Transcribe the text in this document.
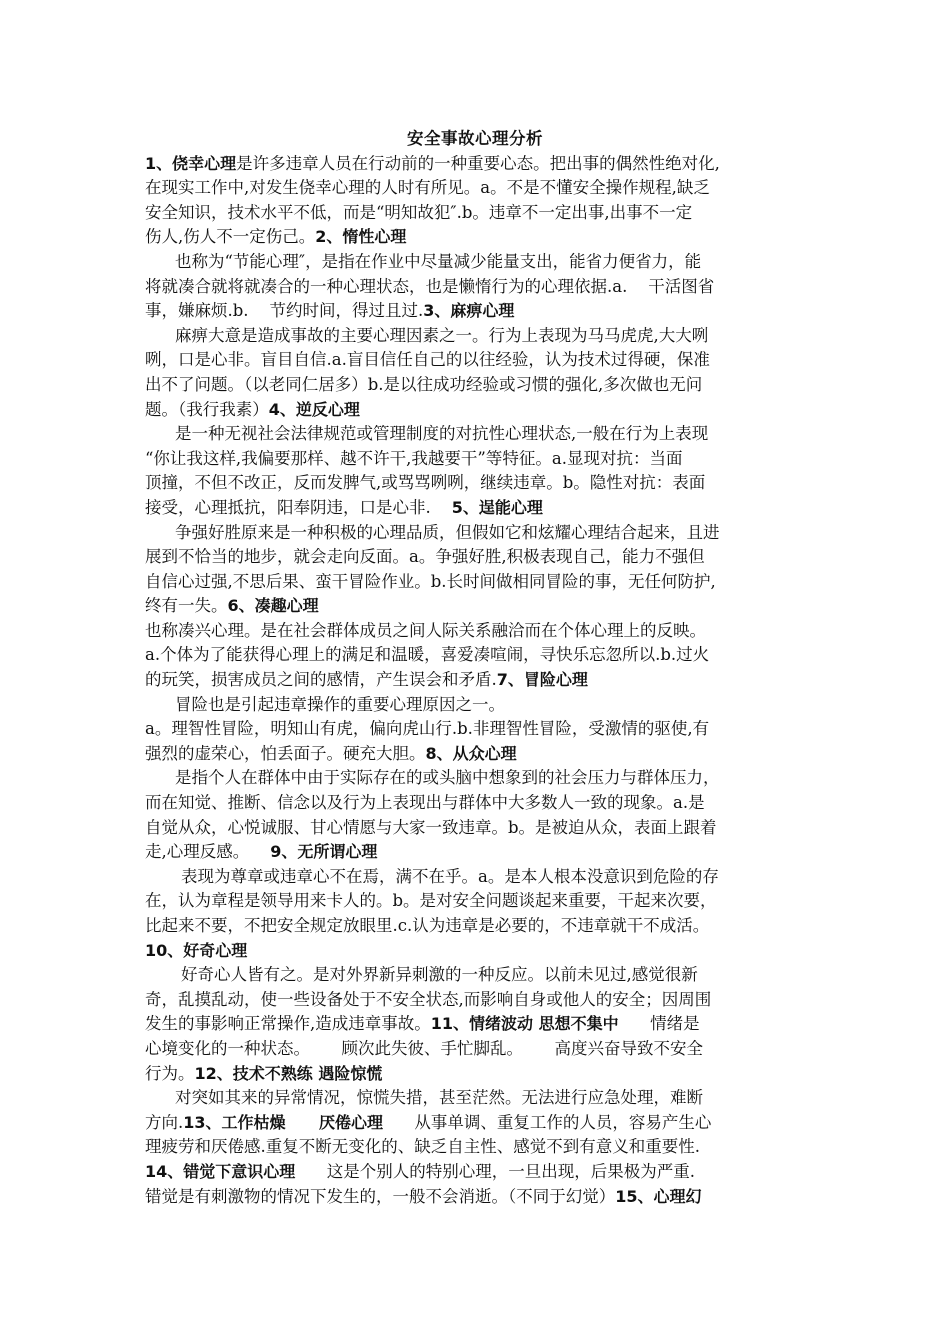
安全事故心理分析
1、侥幸心理是许多违章人员在行动前的一种重要心态。把出事的偶然性绝对化,
在现实工作中,对发生侥幸心理的人时有所见。a。不是不懂安全操作规程,缺乏
安全知识，技术水平不低，而是“明知故犯″.b。违章不一定出事,出事不一定
伤人,伤人不一定伤己。2、惰性心理
也称为“节能心理″，是指在作业中尽量减少能量支出，能省力便省力，能
将就凑合就将就凑合的一种心理状态，也是懒惰行为的心理依据.a.    干活图省
事，嫌麻烦.b.    节约时间，得过且过.3、麻痹心理
麻痹大意是造成事故的主要心理因素之一。行为上表现为马马虎虎,大大咧
咧，口是心非。盲目自信.a.盲目信任自己的以往经验，认为技术过得硬，保准
出不了问题。（以老同仁居多）b.是以往成功经验或习惯的强化,多次做也无问
题。（我行我素）4、逆反心理
是一种无视社会法律规范或管理制度的对抗性心理状态,一般在行为上表现
“你让我这样,我偏要那样、越不许干,我越要干”等特征。a.显现对抗：当面
顶撞，不但不改正，反而发脾气,或骂骂咧咧，继续违章。b。隐性对抗：表面
接受，心理抵抗，阳奉阴违，口是心非.    5、逞能心理
争强好胜原来是一种积极的心理品质，但假如它和炫耀心理结合起来，且进
展到不恰当的地步，就会走向反面。a。争强好胜,积极表现自己，能力不强但
自信心过强,不思后果、蛮干冒险作业。b.长时间做相同冒险的事，无任何防护,
终有一失。6、凑趣心理
也称凑兴心理。是在社会群体成员之间人际关系融洽而在个体心理上的反映。
a.个体为了能获得心理上的满足和温暖，喜爱凑喧闹，寻快乐忘忽所以.b.过火
的玩笑，损害成员之间的感情，产生误会和矛盾.7、冒险心理
冒险也是引起违章操作的重要心理原因之一。
a。理智性冒险，明知山有虎，偏向虎山行.b.非理智性冒险，受激情的驱使,有
强烈的虚荣心，怕丢面子。硬充大胆。8、从众心理
是指个人在群体中由于实际存在的或头脑中想象到的社会压力与群体压力，
而在知觉、推断、信念以及行为上表现出与群体中大多数人一致的现象。a.是
自觉从众，心悦诚服、甘心情愿与大家一致违章。b。是被迫从众，表面上跟着
走,心理反感。    9、无所谓心理
表现为尊章或违章心不在焉，满不在乎。a。是本人根本没意识到危险的存
在，认为章程是领导用来卡人的。b。是对安全问题谈起来重要，干起来次要，
比起来不要，不把安全规定放眼里.c.认为违章是必要的，不违章就干不成活。
10、好奇心理
好奇心人皆有之。是对外界新异刺激的一种反应。以前未见过,感觉很新
奇，乱摸乱动，使一些设备处于不安全状态,而影响自身或他人的安全；因周围
发生的事影响正常操作,造成违章事故。11、情绪波动 思想不集中      情绪是
心境变化的一种状态。      顾次此失彼、手忙脚乱。      高度兴奋导致不安全
行为。12、技术不熟练 遇险惊慌
对突如其来的异常情况，惊慌失措，甚至茫然。无法进行应急处理，难断
方向.13、工作枯燥      厌倦心理      从事单调、重复工作的人员，容易产生心
理疲劳和厌倦感.重复不断无变化的、缺乏自主性、感觉不到有意义和重要性.
14、错觉下意识心理      这是个别人的特别心理，一旦出现，后果极为严重.
错觉是有刺激物的情况下发生的，一般不会消逝。（不同于幻觉）15、心理幻
